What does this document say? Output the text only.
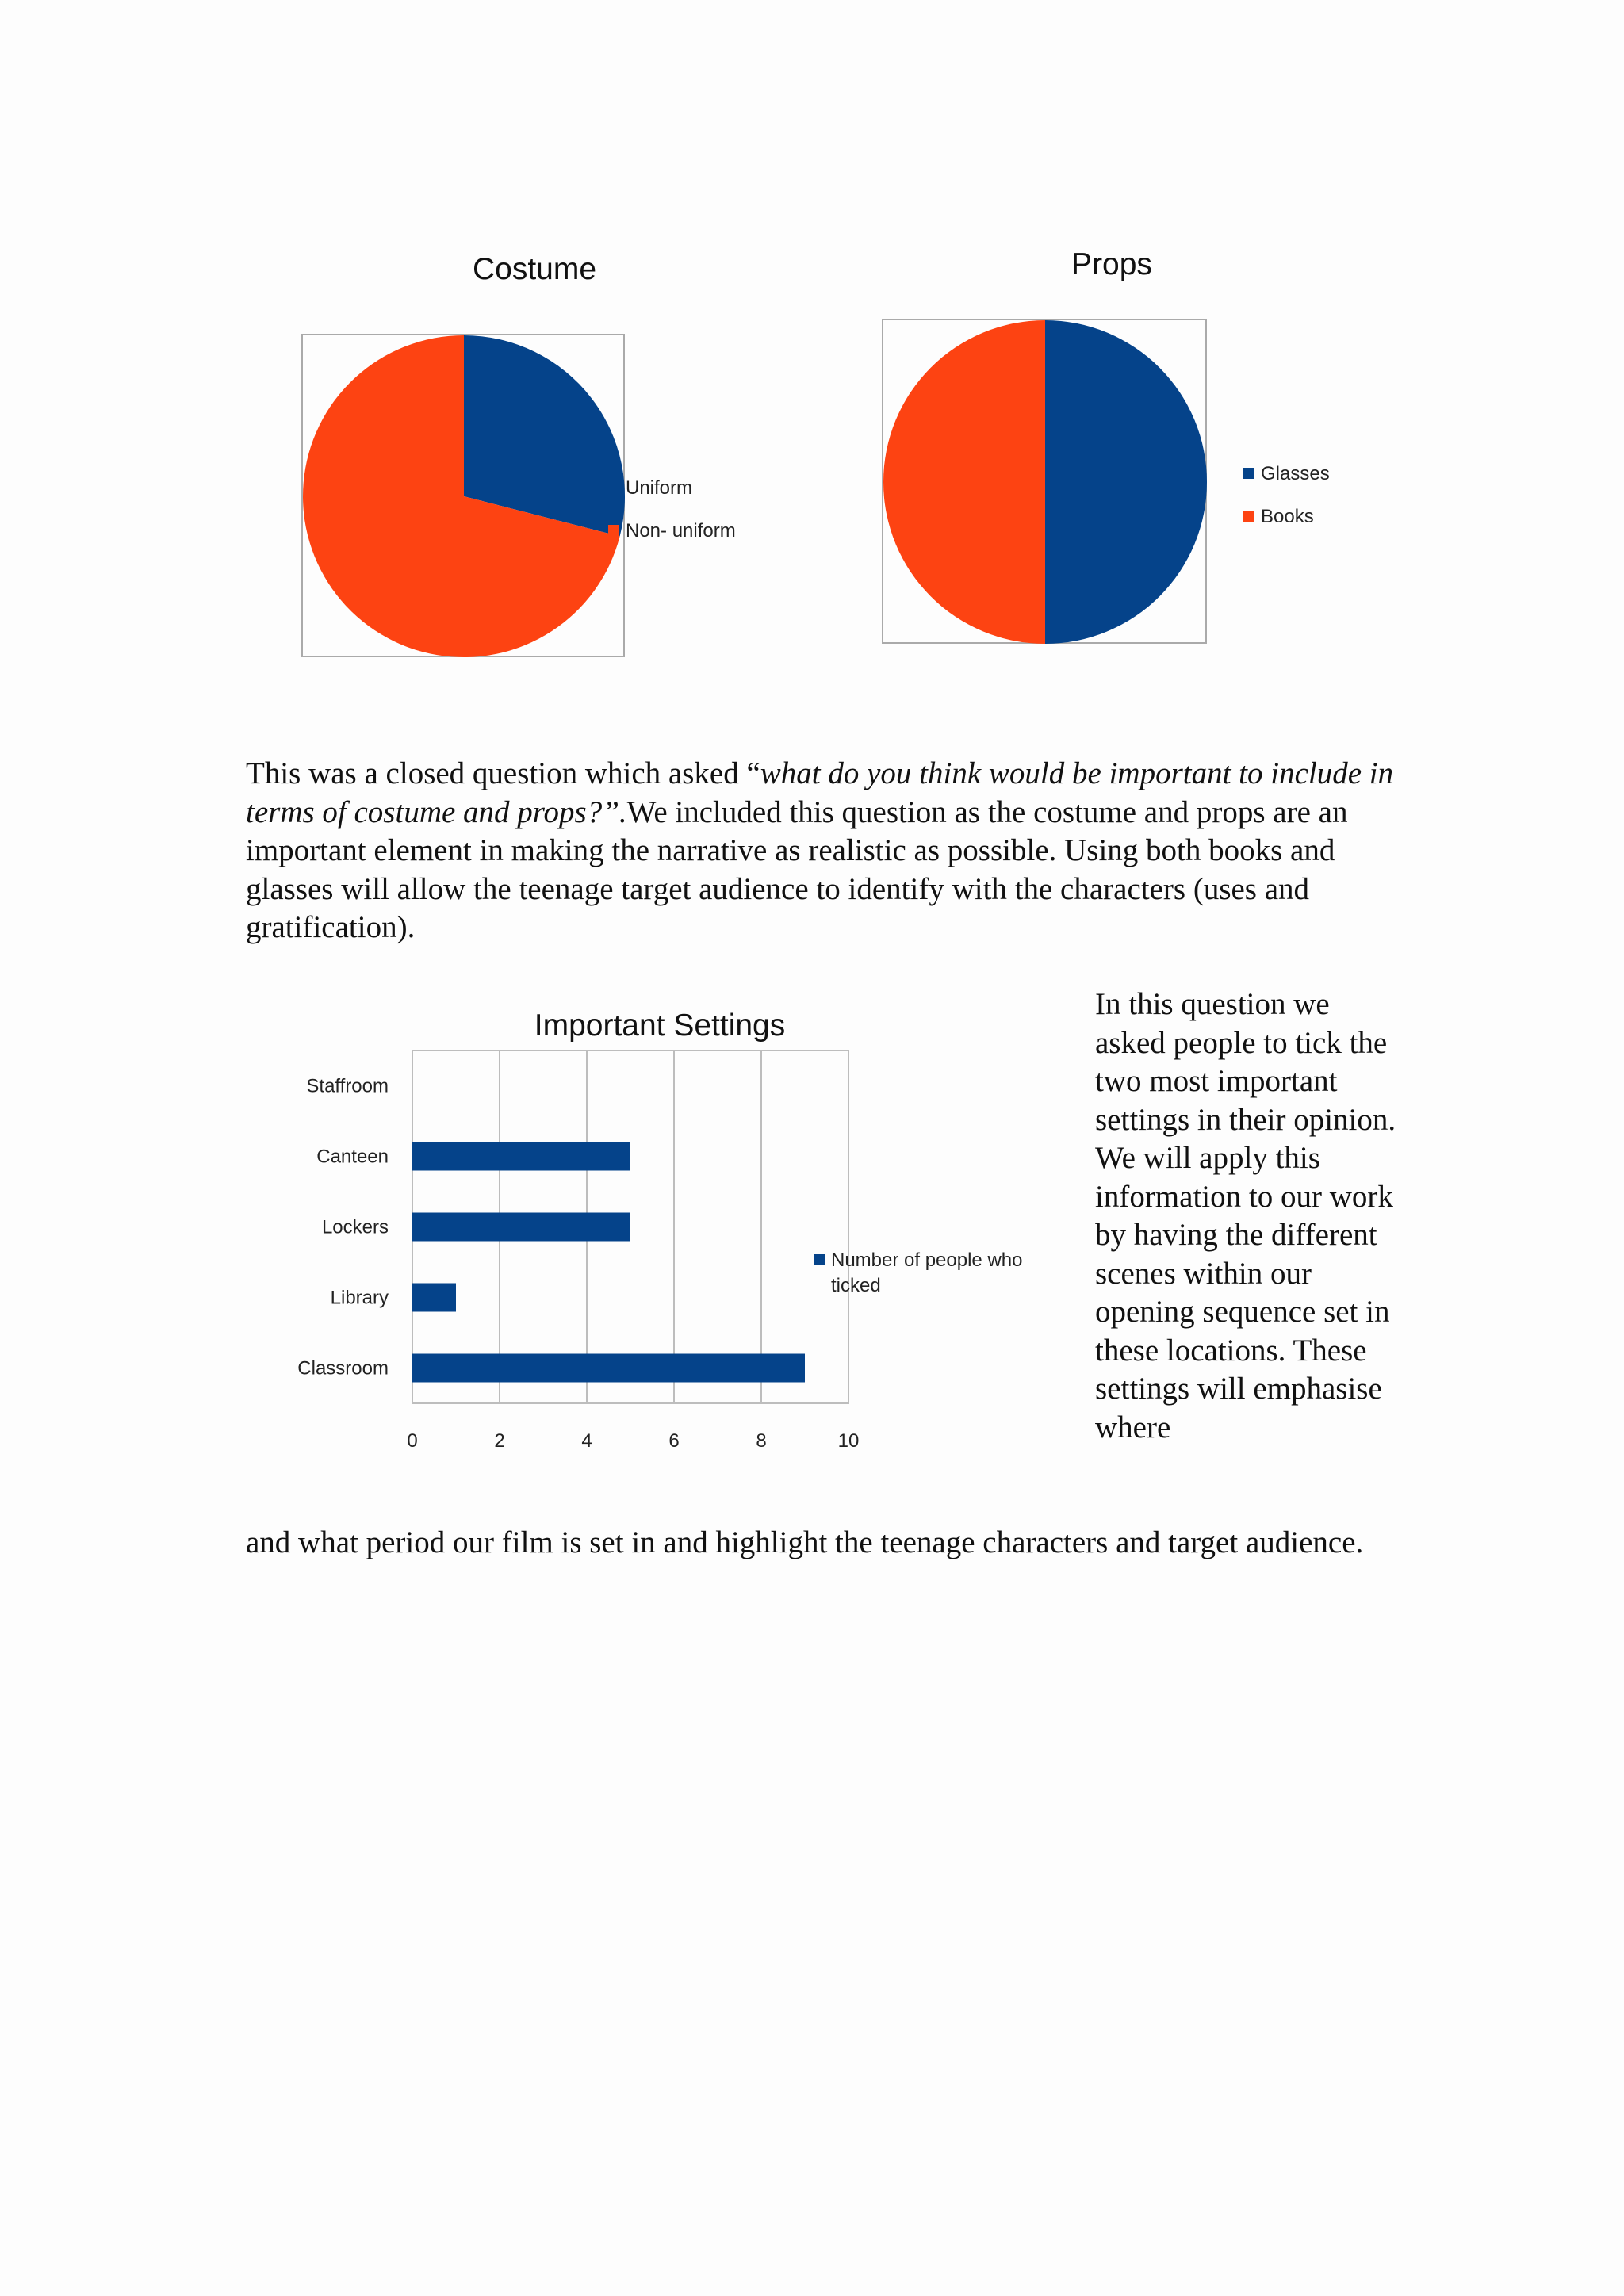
Costume
Uniform
Non- uniform
Props
Glasses
Books

This was a closed question which asked “what do you think would be important to include in terms of costume and props?”.We included this question as the costume and props are an important element in making the narrative as realistic as possible. Using both books and glasses will allow the teenage target audience to identify with the characters (uses and gratification).

Important Settings
0	2	4	6	8	10
Staffroom
Canteen
Lockers
Library
Classroom
Number of people who ticked

In this question we asked people to tick the two most important settings in their opinion. We will apply this information to our work by having the different scenes within our opening sequence set in these locations. These settings will emphasise where

and what period our film is set in and highlight the teenage characters and target audience.
